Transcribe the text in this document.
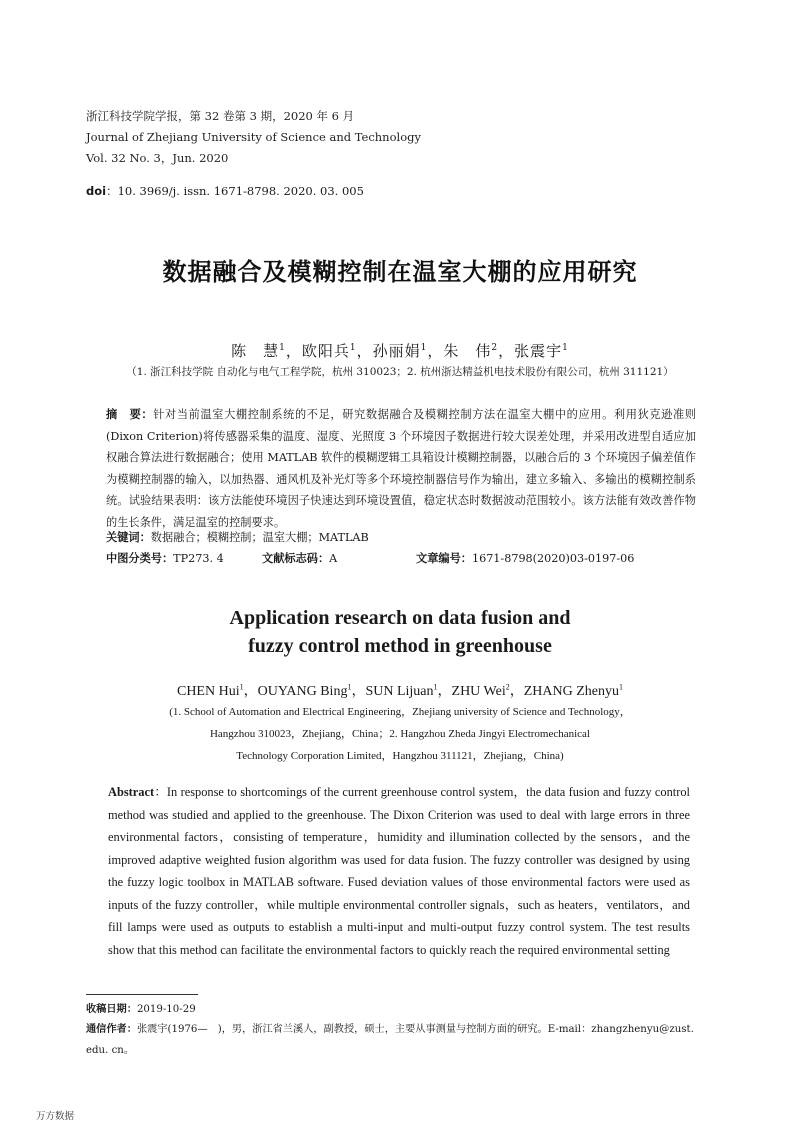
浙江科技学院学报，第 32 卷第 3 期，2020 年 6 月
Journal of Zhejiang University of Science and Technology
Vol. 32 No. 3，Jun. 2020
doi：10. 3969/j. issn. 1671-8798. 2020. 03. 005
数据融合及模糊控制在温室大棚的应用研究
陈　慧$^1$，欧阳兵$^1$，孙丽娟$^1$，朱　伟$^2$，张震宇$^1$
（1. 浙江科技学院 自动化与电气工程学院，杭州 310023；2. 杭州浙达精益机电技术股份有限公司，杭州 311121）
摘　要：针对当前温室大棚控制系统的不足，研究数据融合及模糊控制方法在温室大棚中的应用。利用狄克逊准则(Dixon Criterion)将传感器采集的温度、湿度、光照度 3 个环境因子数据进行较大误差处理，并采用改进型自适应加权融合算法进行数据融合；使用 MATLAB 软件的模糊逻辑工具箱设计模糊控制器，以融合后的 3 个环境因子偏差值作为模糊控制器的输入，以加热器、通风机及补光灯等多个环境控制器信号作为输出，建立多输入、多输出的模糊控制系统。试验结果表明：该方法能使环境因子快速达到环境设置值，稳定状态时数据波动范围较小。该方法能有效改善作物的生长条件，满足温室的控制要求。
关键词：数据融合；模糊控制；温室大棚；MATLAB
中图分类号：TP273. 4	文献标志码：A	文章编号：1671-8798(2020)03-0197-06
Application research on data fusion and
fuzzy control method in greenhouse
CHEN Hui$^1$，OUYANG Bing$^1$，SUN Lijuan$^1$，ZHU Wei$^2$，ZHANG Zhenyu$^1$
(1. School of Automation and Electrical Engineering，Zhejiang university of Science and Technology，
Hangzhou 310023，Zhejiang，China；2. Hangzhou Zheda Jingyi Electromechanical
Technology Corporation Limited，Hangzhou 311121，Zhejiang，China)
Abstract：In response to shortcomings of the current greenhouse control system，the data fusion and fuzzy control method was studied and applied to the greenhouse. The Dixon Criterion was used to deal with large errors in three environmental factors，consisting of temperature，humidity and illumination collected by the sensors，and the improved adaptive weighted fusion algorithm was used for data fusion. The fuzzy controller was designed by using the fuzzy logic toolbox in MATLAB software. Fused deviation values of those environmental factors were used as inputs of the fuzzy controller，while multiple environmental controller signals，such as heaters，ventilators，and fill lamps were used as outputs to establish a multi-input and multi-output fuzzy control system. The test results show that this method can facilitate the environmental factors to quickly reach the required environmental setting
收稿日期：2019-10-29
通信作者：张震宇(1976—　)，男，浙江省兰溪人，副教授，硕士，主要从事测量与控制方面的研究。E-mail：zhangzhenyu@zust. edu. cn。
万方数据
